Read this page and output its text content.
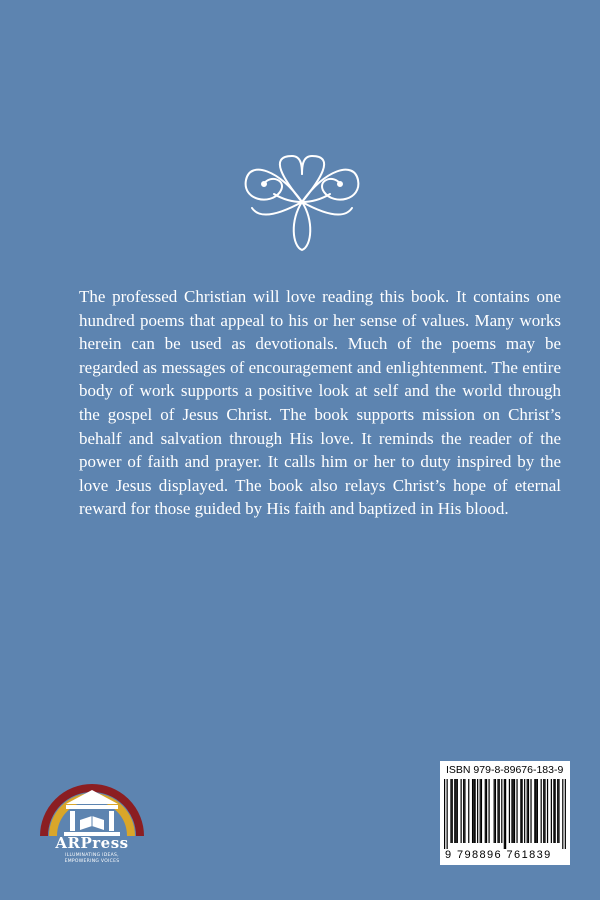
The professed Christian will love reading this book. It contains one hundred poems that appeal to his or her sense of values. Many works herein can be used as devotionals. Much of the poems may be regarded as messages of encouragement and enlightenment. The entire body of work supports a positive look at self and the world through the gospel of Jesus Christ. The book supports mission on Christ’s behalf and salvation through His love. It reminds the reader of the power of faith and prayer. It calls him or her to duty inspired by the love Jesus displayed. The book also relays Christ’s hope of eternal reward for those guided by His faith and baptized in His blood.

ARPress
ILLUMINATING IDEAS,
EMPOWERING VOICES
ISBN 979-8-89676-183-9
9 798896 761839
